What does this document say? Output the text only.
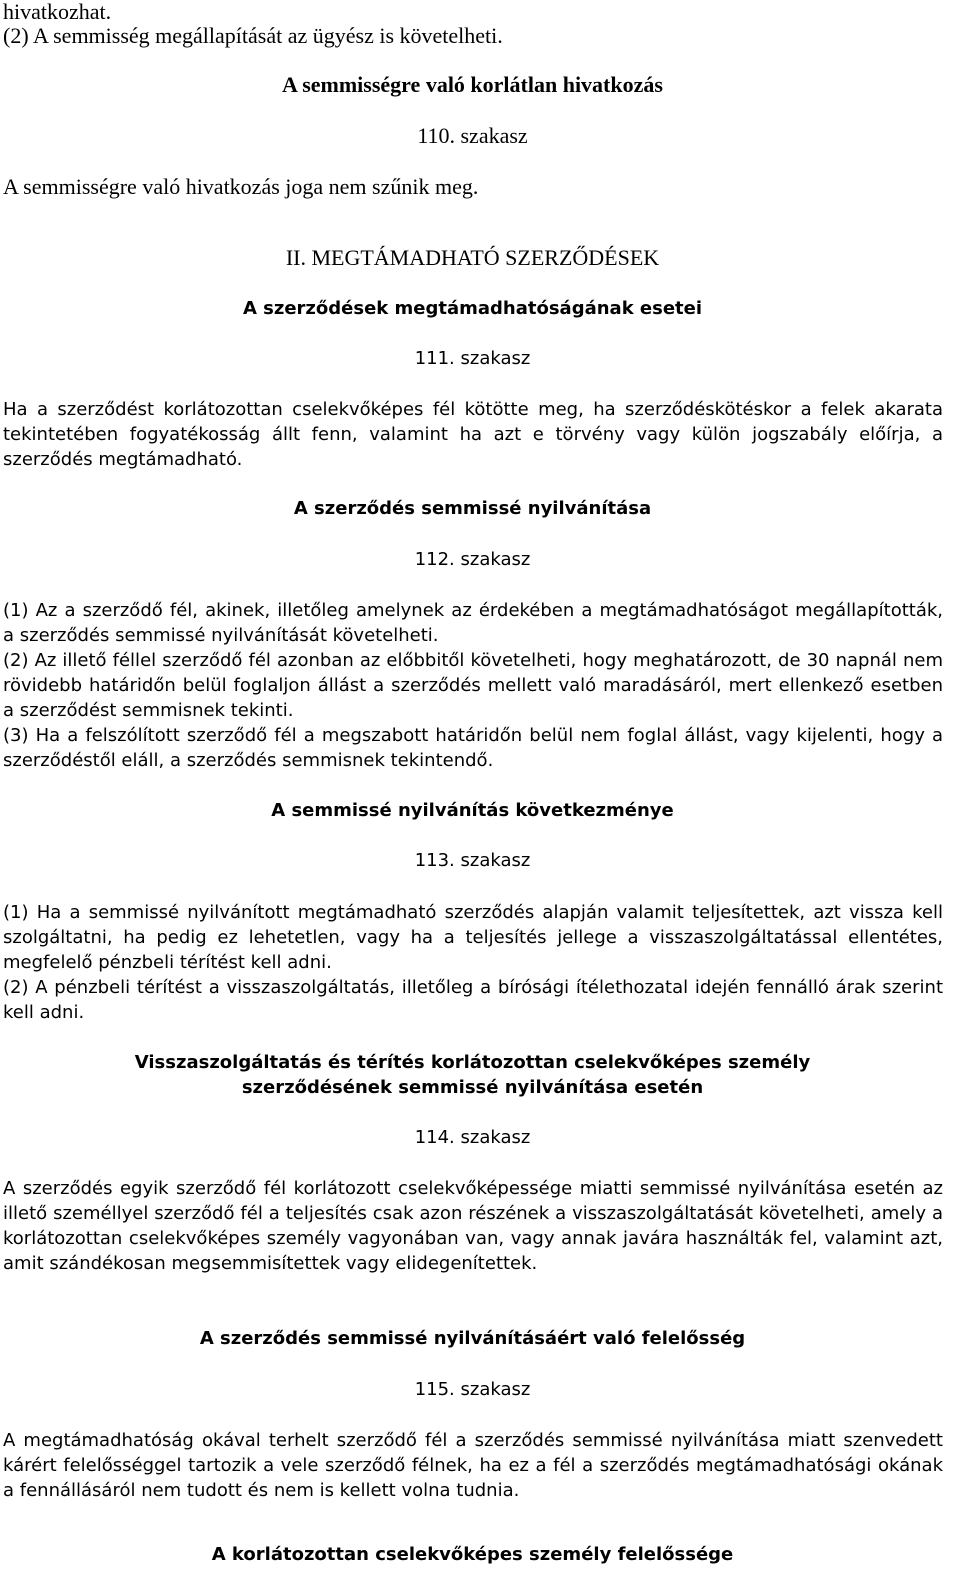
hivatkozhat.
(2) A semmisség megállapítását az ügyész is követelheti.
A semmisségre való korlátlan hivatkozás
110. szakasz
A semmisségre való hivatkozás joga nem szűnik meg.
II. MEGTÁMADHATÓ SZERZŐDÉSEK
A szerződések megtámadhatóságának esetei
111. szakasz
Ha a szerződést korlátozottan cselekvőképes fél kötötte meg, ha szerződéskötéskor a felek akarata tekintetében fogyatékosság állt fenn, valamint ha azt e törvény vagy külön jogszabály előírja, a szerződés megtámadható.
A szerződés semmissé nyilvánítása
112. szakasz
(1) Az a szerződő fél, akinek, illetőleg amelynek az érdekében a megtámadhatóságot megállapították, a szerződés semmissé nyilvánítását követelheti.
(2) Az illető féllel szerződő fél azonban az előbbitől követelheti, hogy meghatározott, de 30 napnál nem rövidebb határidőn belül foglaljon állást a szerződés mellett való maradásáról, mert ellenkező esetben a szerződést semmisnek tekinti.
(3) Ha a felszólított szerződő fél a megszabott határidőn belül nem foglal állást, vagy kijelenti, hogy a szerződéstől eláll, a szerződés semmisnek tekintendő.
A semmissé nyilvánítás következménye
113. szakasz
(1) Ha a semmissé nyilvánított megtámadható szerződés alapján valamit teljesítettek, azt vissza kell szolgáltatni, ha pedig ez lehetetlen, vagy ha a teljesítés jellege a visszaszolgáltatással ellentétes, megfelelő pénzbeli térítést kell adni.
(2) A pénzbeli térítést a visszaszolgáltatás, illetőleg a bírósági ítélethozatal idején fennálló árak szerint kell adni.
Visszaszolgáltatás és térítés korlátozottan cselekvőképes személy
szerződésének semmissé nyilvánítása esetén
114. szakasz
A szerződés egyik szerződő fél korlátozott cselekvőképessége miatti semmissé nyilvánítása esetén az illető személlyel szerződő fél a teljesítés csak azon részének a visszaszolgáltatását követelheti, amely a korlátozottan cselekvőképes személy vagyonában van, vagy annak javára használták fel, valamint azt, amit szándékosan megsemmisítettek vagy elidegenítettek.
A szerződés semmissé nyilvánításáért való felelősség
115. szakasz
A megtámadhatóság okával terhelt szerződő fél a szerződés semmissé nyilvánítása miatt szenvedett kárért felelősséggel tartozik a vele szerződő félnek, ha ez a fél a szerződés megtámadhatósági okának a fennállásáról nem tudott és nem is kellett volna tudnia.
A korlátozottan cselekvőképes személy felelőssége
